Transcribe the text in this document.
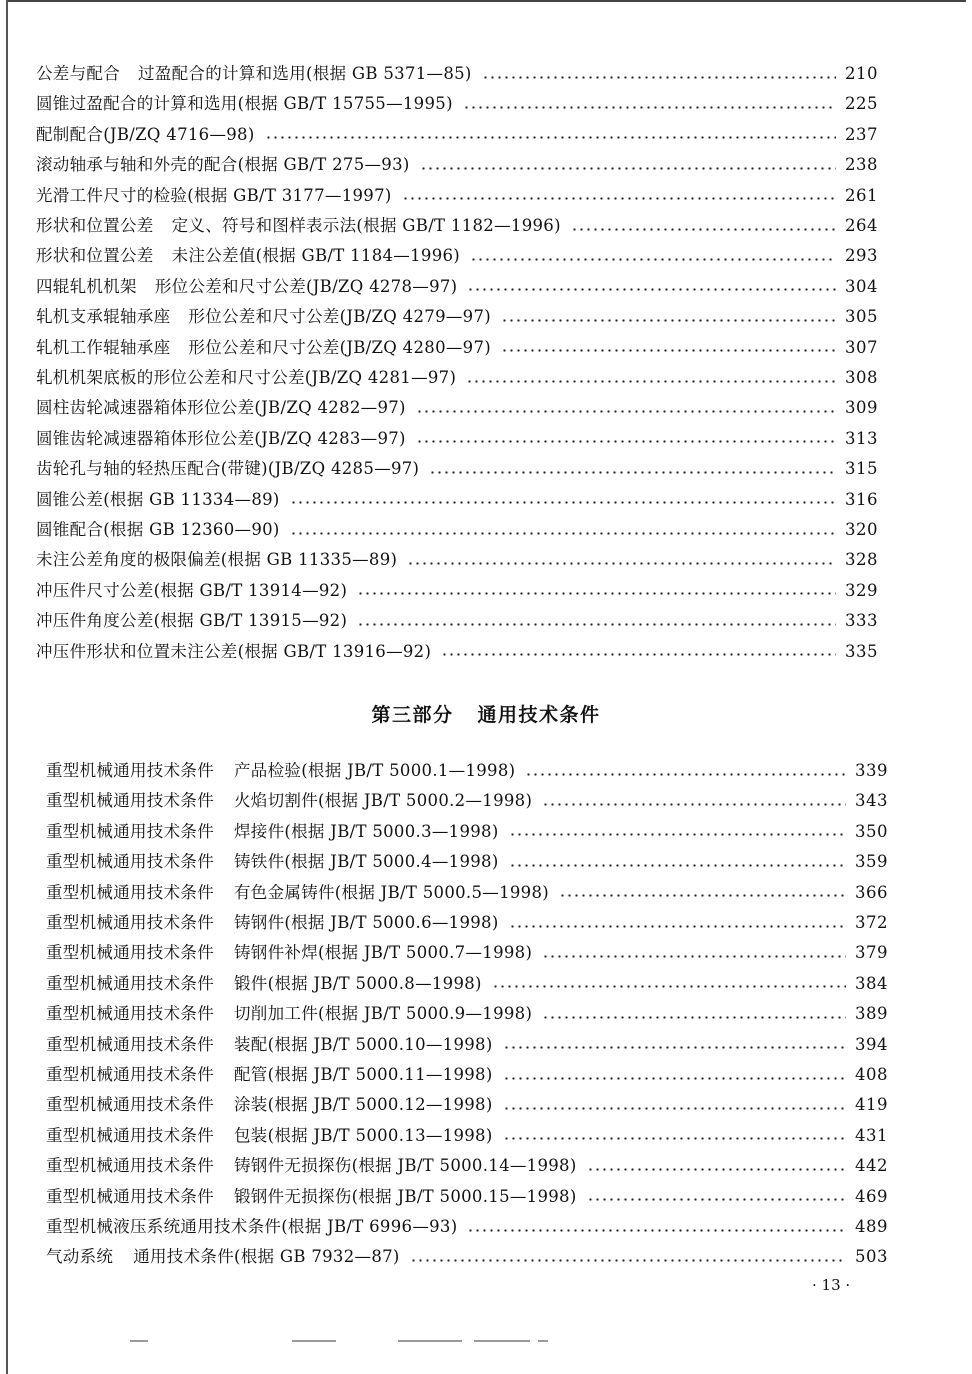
公差与配合 过盈配合的计算和选用(根据 GB 5371—85)	210
圆锥过盈配合的计算和选用(根据 GB/T 15755—1995)	225
配制配合(JB/ZQ 4716—98)	237
滚动轴承与轴和外壳的配合(根据 GB/T 275—93)	238
光滑工件尺寸的检验(根据 GB/T 3177—1997)	261
形状和位置公差 定义、符号和图样表示法(根据 GB/T 1182—1996)	264
形状和位置公差 未注公差值(根据 GB/T 1184—1996)	293
四辊轧机机架 形位公差和尺寸公差(JB/ZQ 4278—97)	304
轧机支承辊轴承座 形位公差和尺寸公差(JB/ZQ 4279—97)	305
轧机工作辊轴承座 形位公差和尺寸公差(JB/ZQ 4280—97)	307
轧机机架底板的形位公差和尺寸公差(JB/ZQ 4281—97)	308
圆柱齿轮减速器箱体形位公差(JB/ZQ 4282—97)	309
圆锥齿轮减速器箱体形位公差(JB/ZQ 4283—97)	313
齿轮孔与轴的轻热压配合(带键)(JB/ZQ 4285—97)	315
圆锥公差(根据 GB 11334—89)	316
圆锥配合(根据 GB 12360—90)	320
未注公差角度的极限偏差(根据 GB 11335—89)	328
冲压件尺寸公差(根据 GB/T 13914—92)	329
冲压件角度公差(根据 GB/T 13915—92)	333
冲压件形状和位置未注公差(根据 GB/T 13916—92)	335
第三部分 通用技术条件
重型机械通用技术条件 产品检验(根据 JB/T 5000.1—1998)	339
重型机械通用技术条件 火焰切割件(根据 JB/T 5000.2—1998)	343
重型机械通用技术条件 焊接件(根据 JB/T 5000.3—1998)	350
重型机械通用技术条件 铸铁件(根据 JB/T 5000.4—1998)	359
重型机械通用技术条件 有色金属铸件(根据 JB/T 5000.5—1998)	366
重型机械通用技术条件 铸钢件(根据 JB/T 5000.6—1998)	372
重型机械通用技术条件 铸钢件补焊(根据 JB/T 5000.7—1998)	379
重型机械通用技术条件 锻件(根据 JB/T 5000.8—1998)	384
重型机械通用技术条件 切削加工件(根据 JB/T 5000.9—1998)	389
重型机械通用技术条件 装配(根据 JB/T 5000.10—1998)	394
重型机械通用技术条件 配管(根据 JB/T 5000.11—1998)	408
重型机械通用技术条件 涂装(根据 JB/T 5000.12—1998)	419
重型机械通用技术条件 包装(根据 JB/T 5000.13—1998)	431
重型机械通用技术条件 铸钢件无损探伤(根据 JB/T 5000.14—1998)	442
重型机械通用技术条件 锻钢件无损探伤(根据 JB/T 5000.15—1998)	469
重型机械液压系统通用技术条件(根据 JB/T 6996—93)	489
气动系统 通用技术条件(根据 GB 7932—87)	503
· 13 ·
